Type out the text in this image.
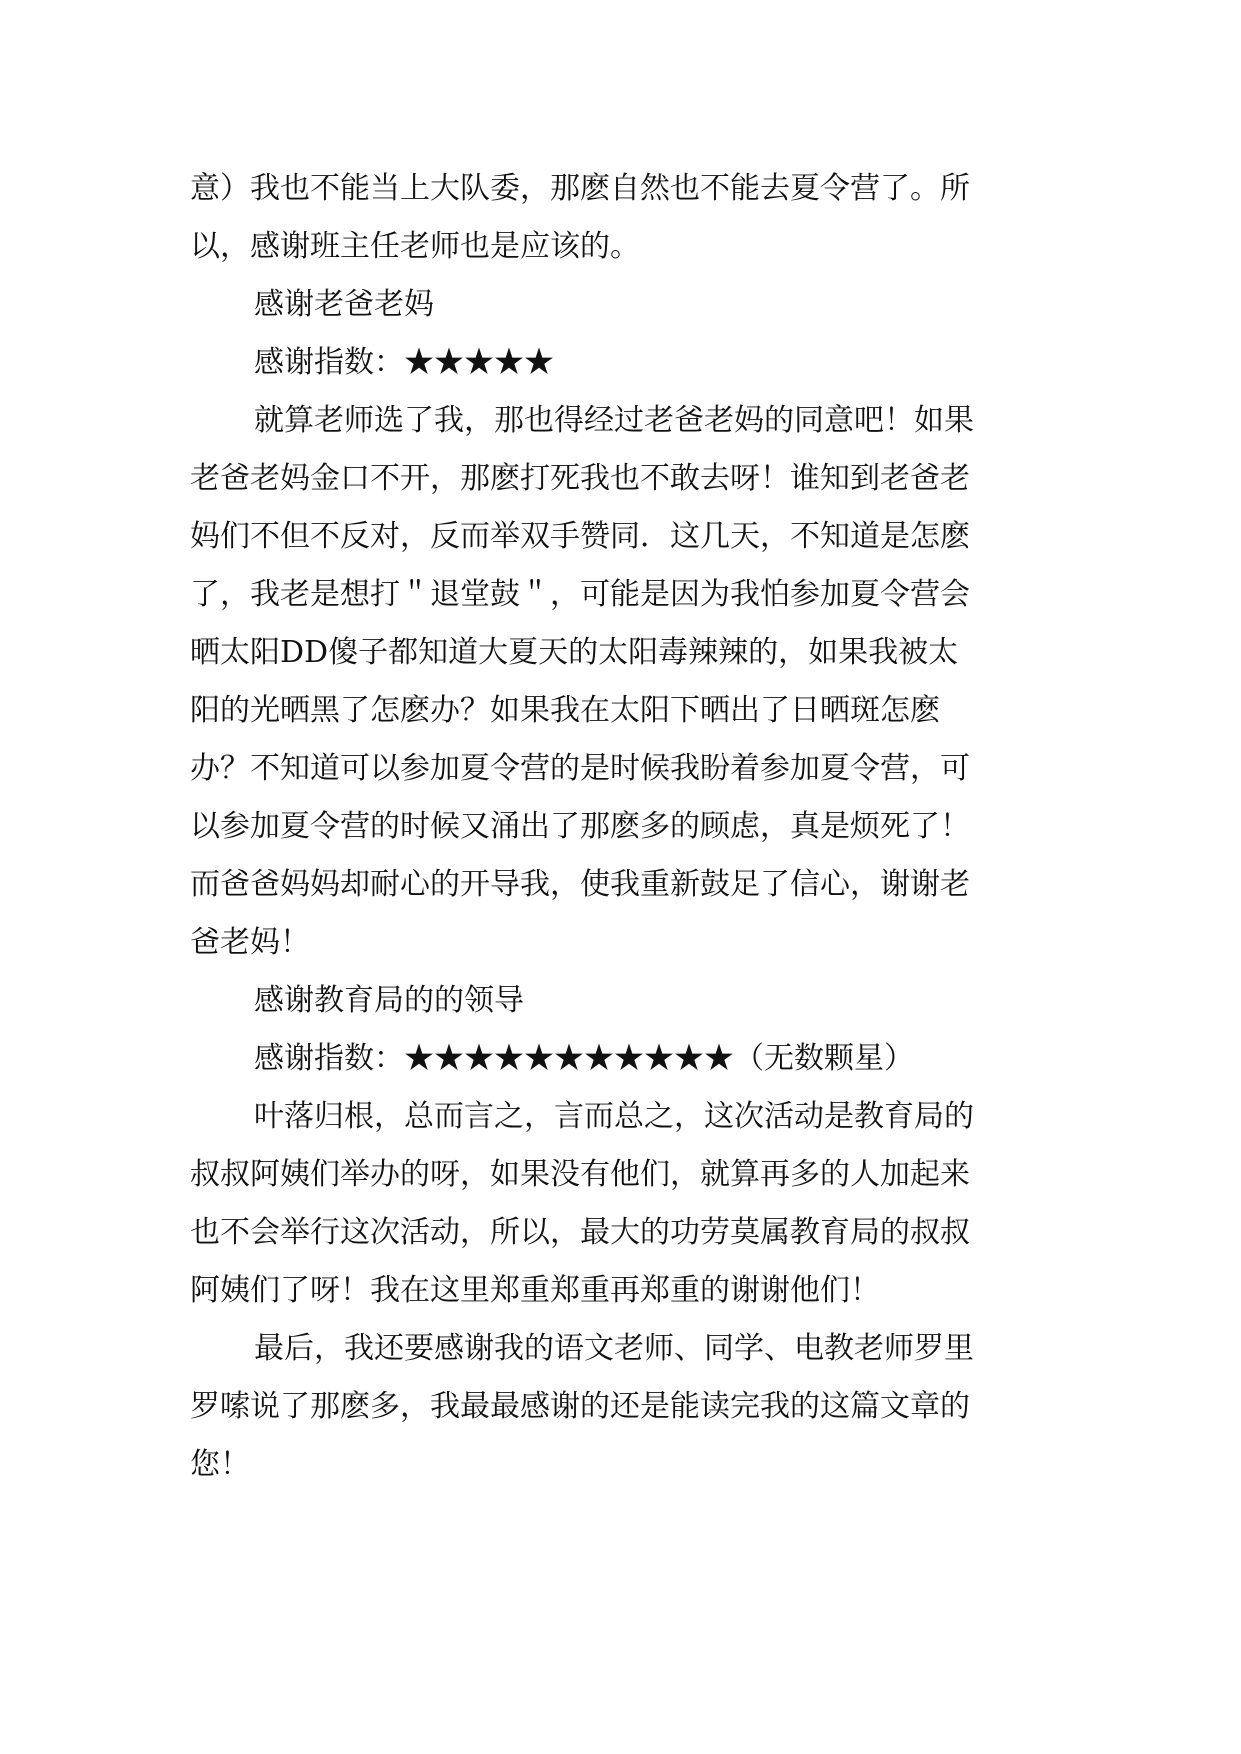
意）我也不能当上大队委，那麽自然也不能去夏令营了。所
以，感谢班主任老师也是应该的。
感谢老爸老妈
感谢指数：★★★★★
就算老师选了我，那也得经过老爸老妈的同意吧！如果
老爸老妈金口不开，那麽打死我也不敢去呀！谁知到老爸老
妈们不但不反对，反而举双手赞同．这几天，不知道是怎麽
了，我老是想打＂退堂鼓＂，可能是因为我怕参加夏令营会
晒太阳DD傻子都知道大夏天的太阳毒辣辣的，如果我被太
阳的光晒黑了怎麽办？如果我在太阳下晒出了日晒斑怎麽
办？不知道可以参加夏令营的是时候我盼着参加夏令营，可
以参加夏令营的时候又涌出了那麽多的顾虑，真是烦死了！
而爸爸妈妈却耐心的开导我，使我重新鼓足了信心，谢谢老
爸老妈！
感谢教育局的的领导
感谢指数：★★★★★★★★★★★（无数颗星）
叶落归根，总而言之，言而总之，这次活动是教育局的
叔叔阿姨们举办的呀，如果没有他们，就算再多的人加起来
也不会举行这次活动，所以，最大的功劳莫属教育局的叔叔
阿姨们了呀！我在这里郑重郑重再郑重的谢谢他们！
最后，我还要感谢我的语文老师、同学、电教老师罗里
罗嗦说了那麽多，我最最感谢的还是能读完我的这篇文章的
您！
